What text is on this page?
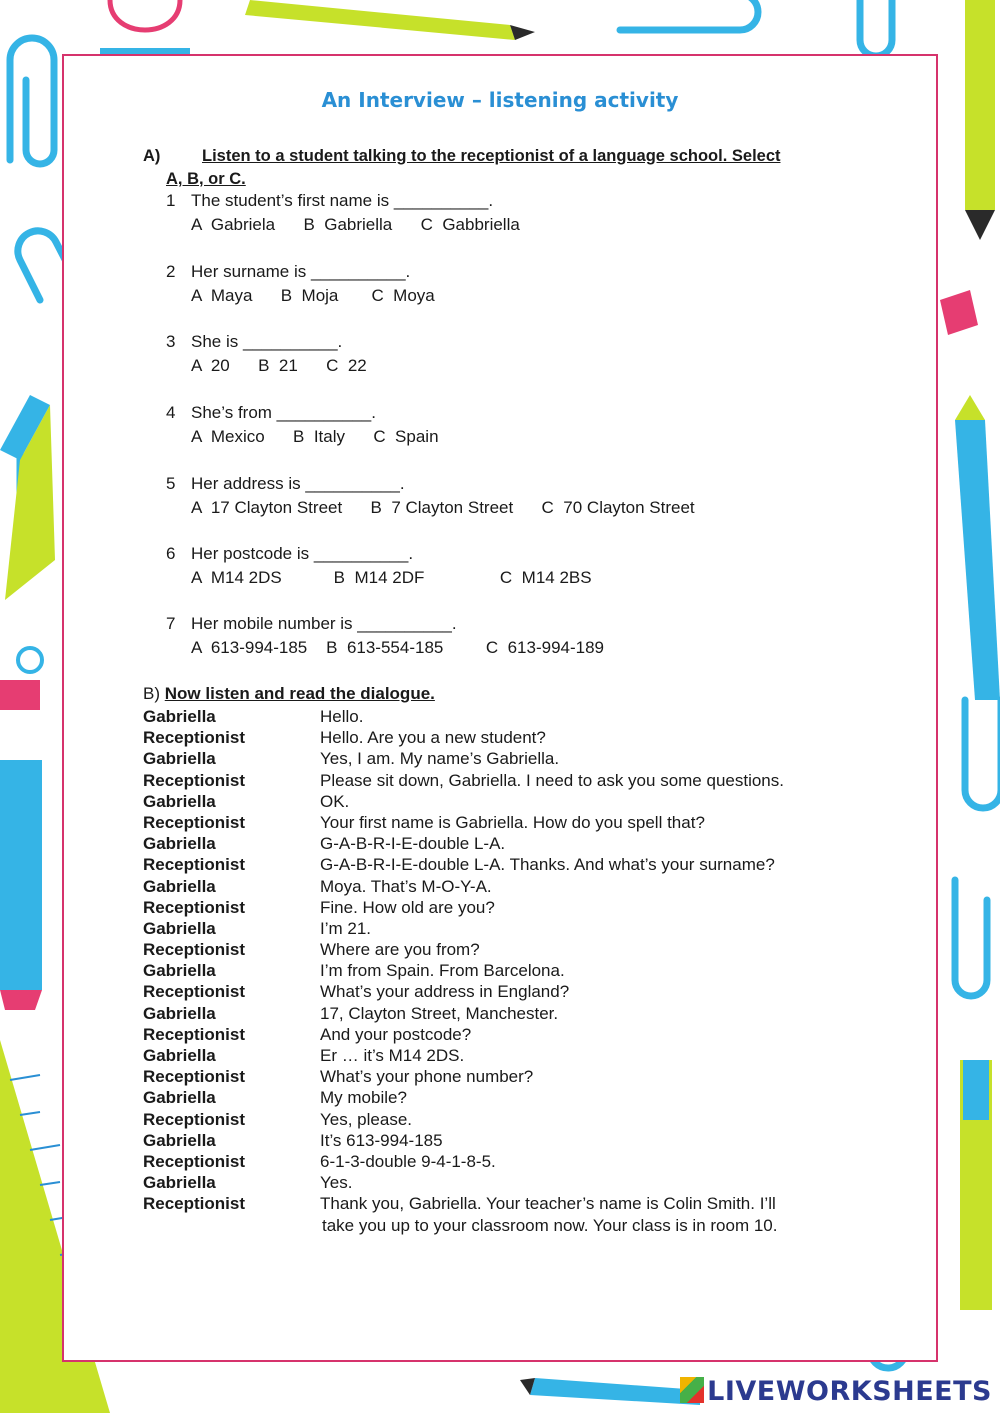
An Interview – listening activity
A)	Listen to a student talking to the receptionist of a language school. Select
A, B, or C.
1 The student’s first name is __________.
A  Gabriela      B  Gabriella      C  Gabbriella
2 Her surname is __________.
A  Maya      B  Moja       C  Moya
3 She is __________.
A  20      B  21      C  22
4 She’s from __________.
A  Mexico      B  Italy      C  Spain
5 Her address is __________.
A  17 Clayton Street      B  7 Clayton Street      C  70 Clayton Street
6 Her postcode is __________.
A  M14 2DS           B  M14 2DF                C  M14 2BS
7 Her mobile number is __________.
A  613-994-185    B  613-554-185         C  613-994-189
B) Now listen and read the dialogue.
Gabriella	Hello.
Receptionist	Hello. Are you a new student?
Gabriella	Yes, I am. My name’s Gabriella.
Receptionist	Please sit down, Gabriella. I need to ask you some questions.
Gabriella	OK.
Receptionist	Your first name is Gabriella. How do you spell that?
Gabriella	G-A-B-R-I-E-double L-A.
Receptionist	G-A-B-R-I-E-double L-A. Thanks. And what’s your surname?
Gabriella	Moya. That’s M-O-Y-A.
Receptionist	Fine. How old are you?
Gabriella	I’m 21.
Receptionist	Where are you from?
Gabriella	I’m from Spain. From Barcelona.
Receptionist	What’s your address in England?
Gabriella	17, Clayton Street, Manchester.
Receptionist	And your postcode?
Gabriella	Er … it’s M14 2DS.
Receptionist	What’s your phone number?
Gabriella	My mobile?
Receptionist	Yes, please.
Gabriella	It’s 613-994-185
Receptionist	6-1-3-double 9-4-1-8-5.
Gabriella	Yes.
Receptionist	Thank you, Gabriella. Your teacher’s name is Colin Smith. I’ll
take you up to your classroom now. Your class is in room 10.
LIVEWORKSHEETS
